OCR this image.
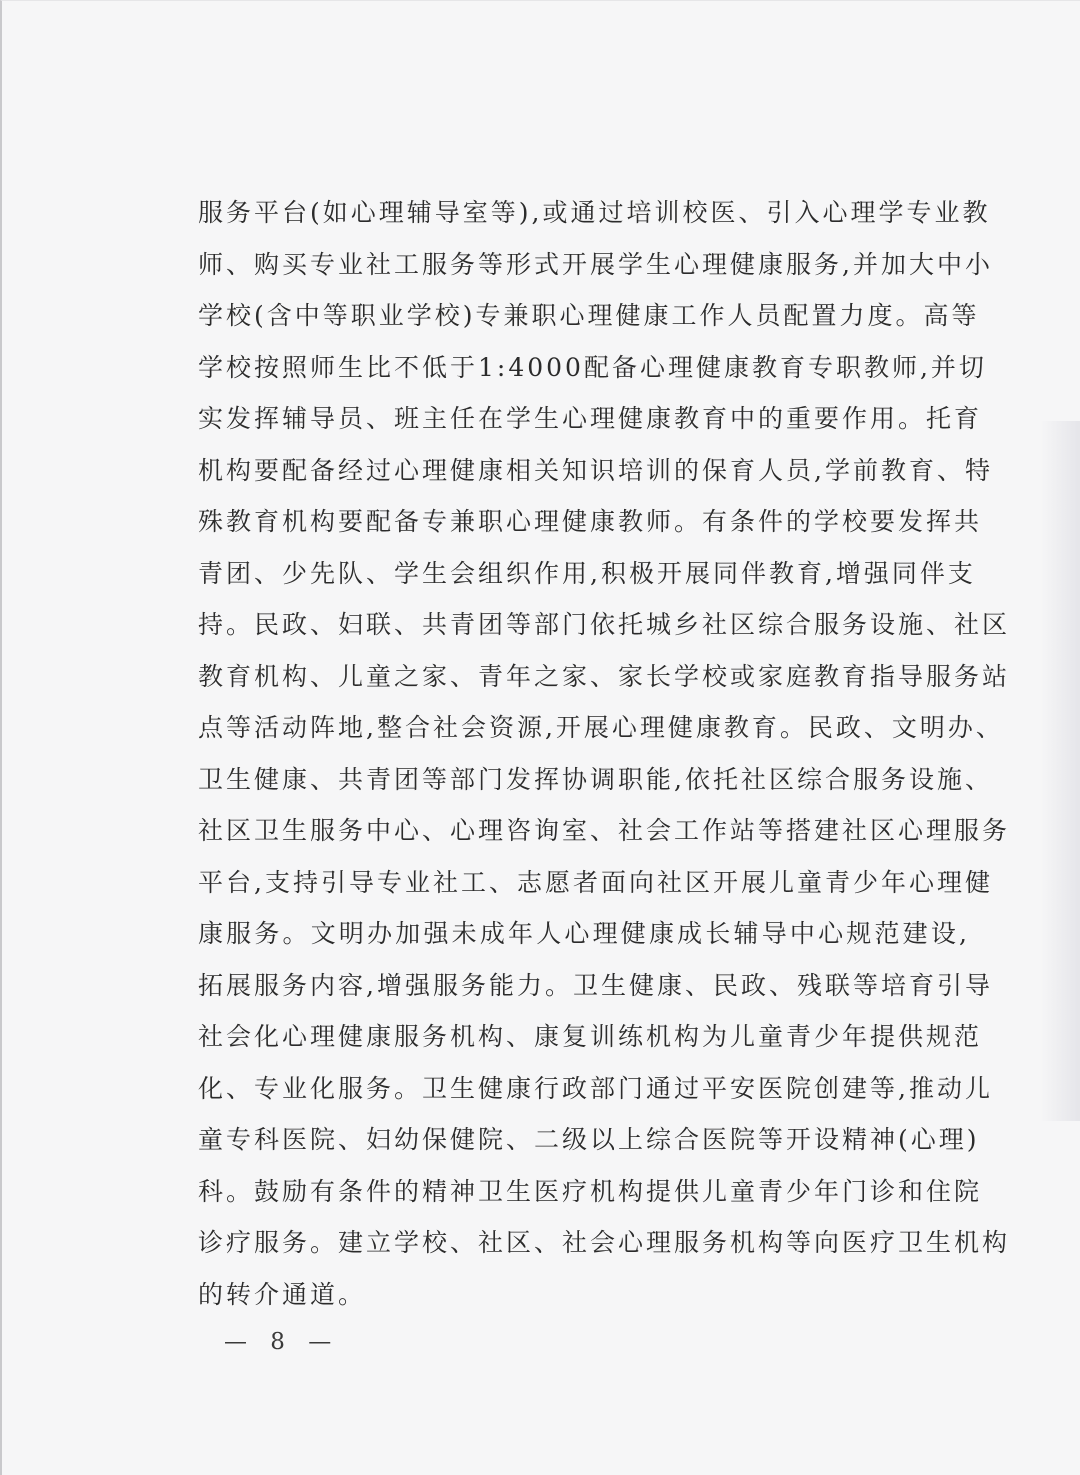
服务平台(如心理辅导室等),或通过培训校医、引入心理学专业教
师、购买专业社工服务等形式开展学生心理健康服务,并加大中小
学校(含中等职业学校)专兼职心理健康工作人员配置力度。高等
学校按照师生比不低于1:4000配备心理健康教育专职教师,并切
实发挥辅导员、班主任在学生心理健康教育中的重要作用。托育
机构要配备经过心理健康相关知识培训的保育人员,学前教育、特
殊教育机构要配备专兼职心理健康教师。有条件的学校要发挥共
青团、少先队、学生会组织作用,积极开展同伴教育,增强同伴支
持。民政、妇联、共青团等部门依托城乡社区综合服务设施、社区
教育机构、儿童之家、青年之家、家长学校或家庭教育指导服务站
点等活动阵地,整合社会资源,开展心理健康教育。民政、文明办、
卫生健康、共青团等部门发挥协调职能,依托社区综合服务设施、
社区卫生服务中心、心理咨询室、社会工作站等搭建社区心理服务
平台,支持引导专业社工、志愿者面向社区开展儿童青少年心理健
康服务。文明办加强未成年人心理健康成长辅导中心规范建设,
拓展服务内容,增强服务能力。卫生健康、民政、残联等培育引导
社会化心理健康服务机构、康复训练机构为儿童青少年提供规范
化、专业化服务。卫生健康行政部门通过平安医院创建等,推动儿
童专科医院、妇幼保健院、二级以上综合医院等开设精神(心理)
科。鼓励有条件的精神卫生医疗机构提供儿童青少年门诊和住院
诊疗服务。建立学校、社区、社会心理服务机构等向医疗卫生机构
的转介通道。
— 8 —
